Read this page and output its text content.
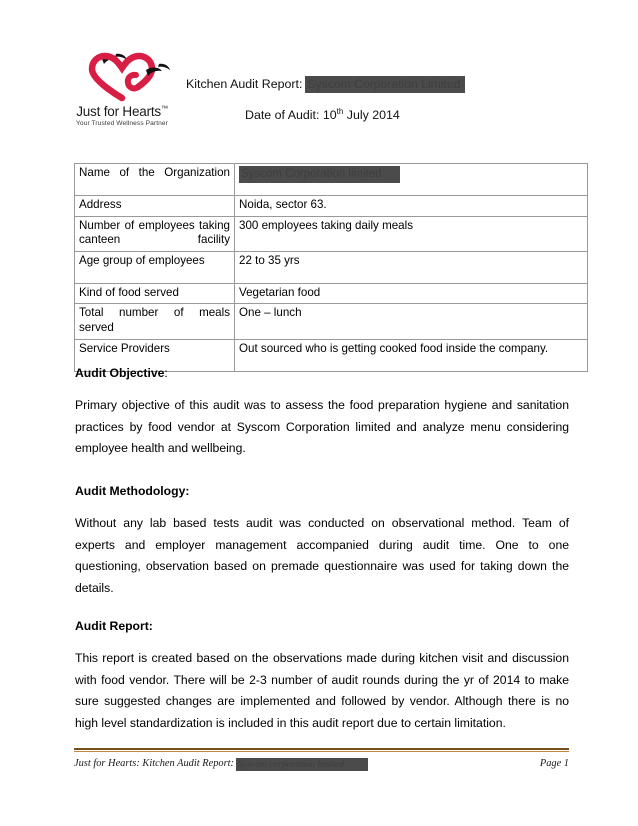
Just for Hearts™
Your Trusted Wellness Partner
Kitchen Audit Report: Syscom Corporation Limited
Date of Audit: 10th July 2014
Name of the Organization	Syscom Corporation limited
Address	Noida, sector 63.
Number of employees taking canteen facility	300 employees taking daily meals
Age group of employees	22 to 35 yrs
Kind of food served	Vegetarian food
Total number of meals served	One – lunch
Service Providers	Out sourced who is getting cooked food inside the company.
Audit Objective:

Primary objective of this audit was to assess the food preparation hygiene and sanitation practices by food vendor at Syscom Corporation limited and analyze menu considering employee health and wellbeing.

Audit Methodology:

Without any lab based tests audit was conducted on observational method. Team of experts and employer management accompanied during audit time. One to one questioning, observation based on premade questionnaire was used for taking down the details.

Audit Report:

This report is created based on the observations made during kitchen visit and discussion with food vendor. There will be 2-3 number of audit rounds during the yr of 2014 to make sure suggested changes are implemented and followed by vendor. Although there is no high level standardization is included in this audit report due to certain limitation.

Just for Hearts: Kitchen Audit Report: Syscom corporation limited	Page 1
